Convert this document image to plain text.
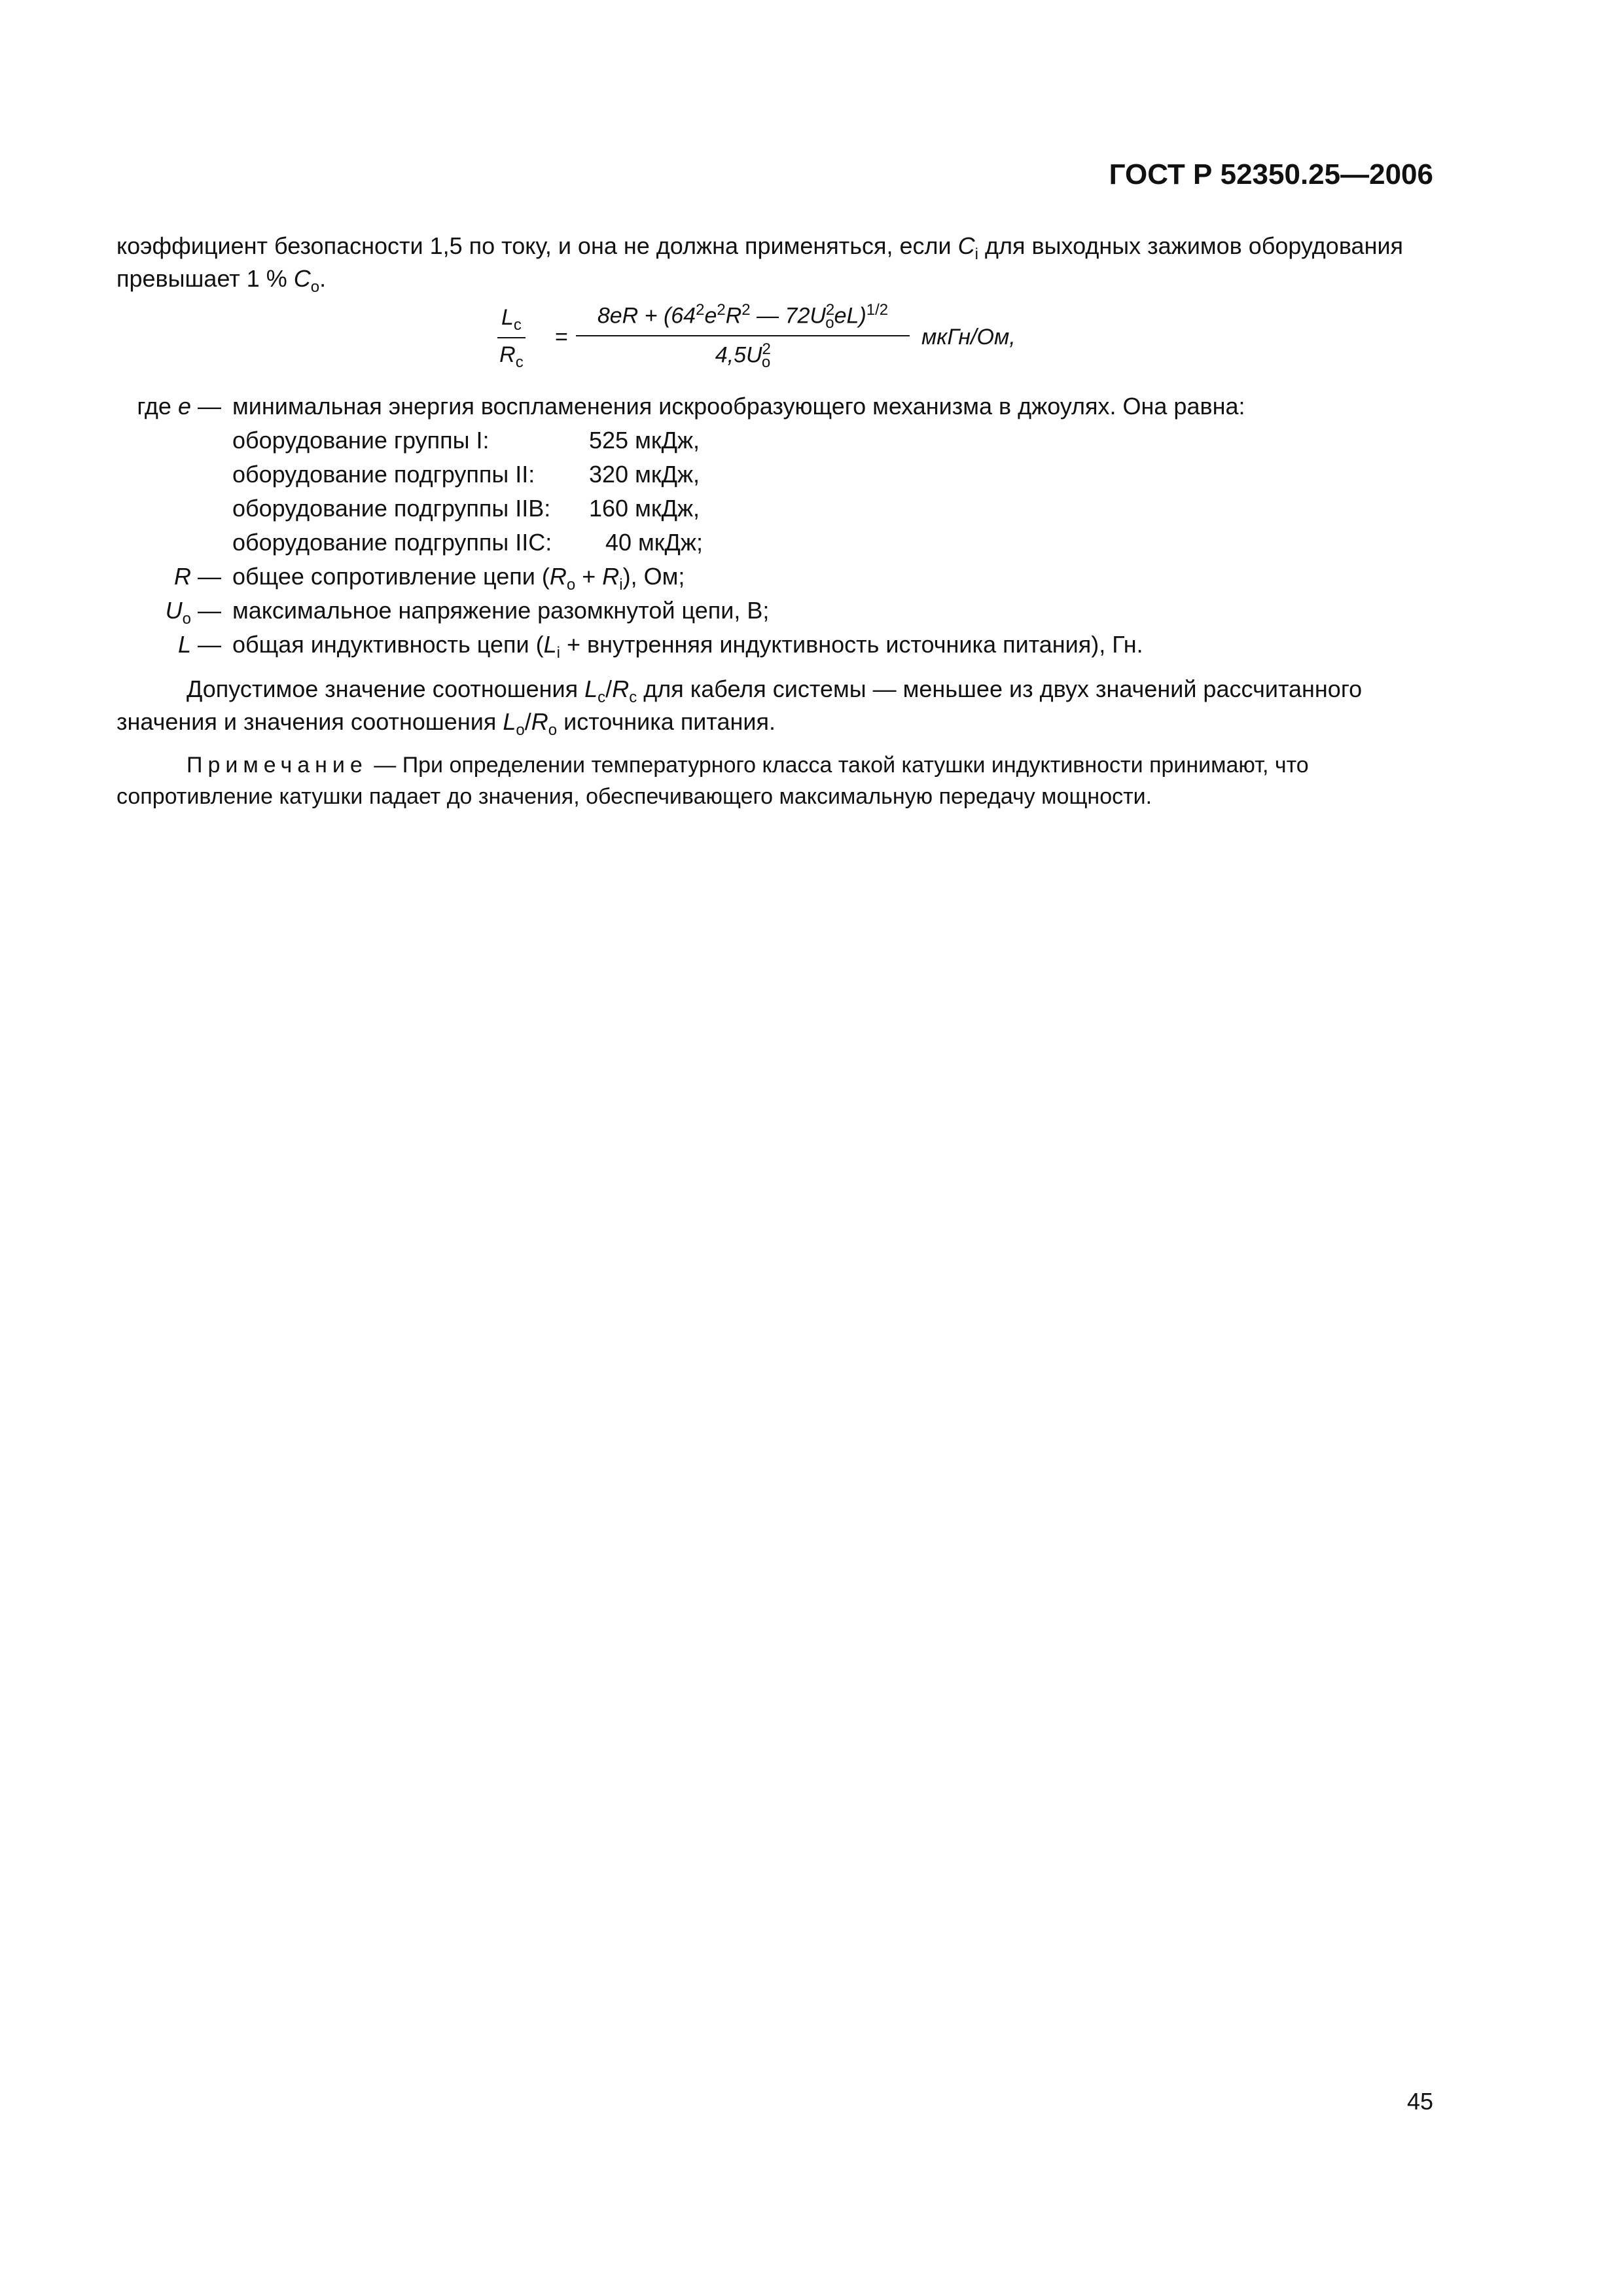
ГОСТ Р 52350.25—2006
коэффициент безопасности 1,5 по току, и она не должна применяться, если $C_i$ для выходных зажимов оборудования
превышает 1 % $C_o$.
$\frac{L_c}{R_c}$ =
$8eR + (64^2e^2R^2$ — $72U^2_oeL)^{1/2}$
$4,5U^2_o$
мкГн/Ом,
где e — минимальная энергия воспламенения искрообразующего механизма в джоулях. Она равна:
оборудование группы I:	525 мкДж,
оборудование подгруппы II: 320 мкДж,
оборудование подгруппы IIB: 160 мкДж,
оборудование подгруппы IIC: 40 мкДж;
R — общее сопротивление цепи $(R_o + R_i)$, Ом;
$U_o$ — максимальное напряжение разомкнутой цепи, В;
L — общая индуктивность цепи ($L_i$ + внутренняя индуктивность источника питания), Гн.
Допустимое значение соотношения $L_c/R_c$ для кабеля системы — меньшее из двух значений рассчитанного
значения и значения соотношения $L_o/R_o$ источника питания.
Примечание — При определении температурного класса такой катушки индуктивности принимают, что
сопротивление катушки падает до значения, обеспечивающего максимальную передачу мощности.
45
